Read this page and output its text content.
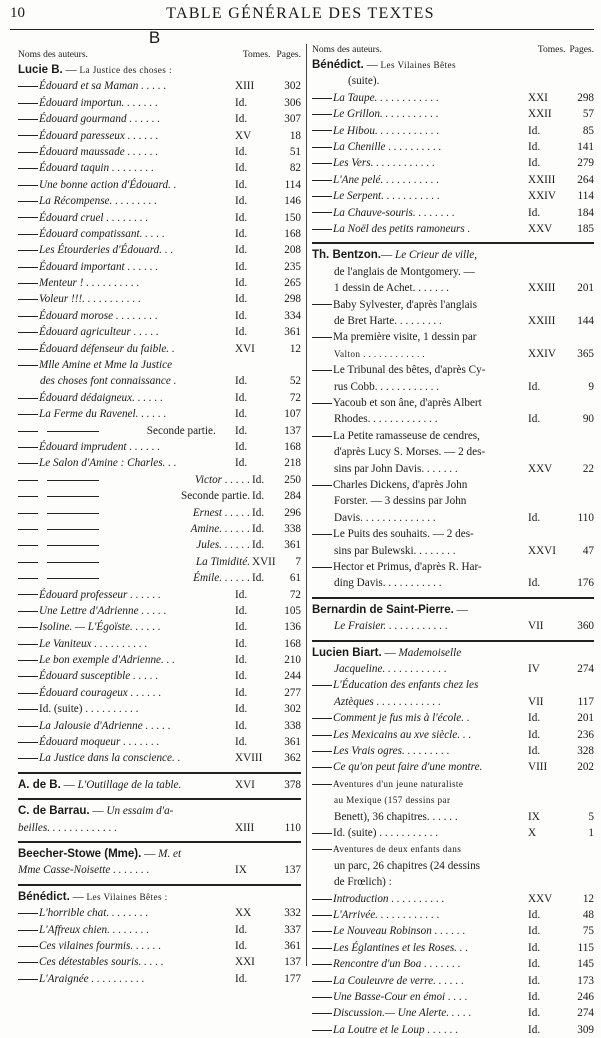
10	TABLE GÉNÉRALE DES TEXTES
Noms des auteurs.	Tomes. Pages.
B
Lucie B. — La Justice des choses :
Édouard et sa Maman . . . . .	XIII	302
Édouard importun. . . . . . .	Id.	306
Édouard gourmand . . . . . .	Id.	307
Édouard paresseux . . . . . .	XV	18
Édouard maussade . . . . . .	Id.	51
Édouard taquin . . . . . . . .	Id.	82
Une bonne action d'Édouard. .	Id.	114
La Récompense. . . . . . . . .	Id.	146
Édouard cruel . . . . . . . .	Id.	150
Édouard compatissant. . . . .	Id.	168
Les Étourderies d'Édouard. . .	Id.	208
Édouard important . . . . . .	Id.	235
Menteur ! . . . . . . . . . .	Id.	265
Voleur !!!. . . . . . . . . . .	Id.	298
Édouard morose . . . . . . . .	Id.	334
Édouard agriculteur . . . . .	Id.	361
Édouard défenseur du faible. .	XVI	12
Mlle Amine et Mme la Justice
des choses font connaissance .	Id.	52
Édouard dédaigneux. . . . . .	Id.	72
La Ferme du Ravenel. . . . . .	Id.	107
Seconde partie.	Id.	137
Édouard imprudent . . . . . .	Id.	168
Le Salon d'Amine : Charles. . .	Id.	218
Victor . . . . . Id.	250
Seconde partie. Id.	284
Ernest . . . . . Id.	296
Amine. . . . . . Id.	338
Jules. . . . . . Id.	361
La Timidité. XVII	7
Émile. . . . . . Id.	61
Édouard professeur . . . . . .	Id.	72
Une Lettre d'Adrienne . . . . .	Id.	105
Isoline. — L'Égoïste. . . . . .	Id.	136
Le Vaniteux . . . . . . . . . .	Id.	168
Le bon exemple d'Adrienne. . .	Id.	210
Édouard susceptible . . . . .	Id.	244
Édouard courageux . . . . . .	Id.	277
Id. (suite) . . . . . . . . . .	Id.	302
La Jalousie d'Adrienne . . . . .	Id.	338
Édouard moqueur . . . . . . .	Id.	361
La Justice dans la conscience. .	XVIII	362
A. de B. — L'Outillage de la table.	XVI	378
C. de Barrau. — Un essaim d'a-
beilles. . . . . . . . . . . . .	XIII	110
Beecher-Stowe (Mme). — M. et
Mme Casse-Noisette . . . . . . .	IX	137
Bénédict. — Les Vilaines Bêtes :
L'horrible chat. . . . . . . .	XX	332
L'Affreux chien. . . . . . . .	Id.	337
Ces vilaines fourmis. . . . . .	Id.	361
Ces détestables souris. . . . .	XXI	137
L'Araignée . . . . . . . . . .	Id.	177
Noms des auteurs.	Tomes. Pages.
Bénédict. — Les Vilaines Bêtes
(suite).
La Taupe. . . . . . . . . . . .	XXI	298
Le Grillon. . . . . . . . . . .	XXII	57
Le Hibou. . . . . . . . . . . .	Id.	85
La Chenille . . . . . . . . . .	Id.	141
Les Vers. . . . . . . . . . . .	Id.	279
L'Ane pelé. . . . . . . . . . .	XXIII	264
Le Serpent. . . . . . . . . . .	XXIV	114
La Chauve-souris. . . . . . . .	Id.	184
La Noël des petits ramoneurs .	XXV	185
Th. Bentzon.— Le Crieur de ville,
de l'anglais de Montgomery. —
1 dessin de Achet. . . . . . .	XXIII	201
Baby Sylvester, d'après l'anglais
de Bret Harte. . . . . . . . .	XXIII	144
Ma première visite, 1 dessin par
Valton . . . . . . . . . . . .	XXIV	365
Le Tribunal des bêtes, d'après Cy-
rus Cobb. . . . . . . . . . . .	Id.	9
Yacoub et son âne, d'après Albert
Rhodes. . . . . . . . . . . . .	Id.	90
La Petite ramasseuse de cendres,
d'après Lucy S. Morses. — 2 des-
sins par John Davis. . . . . . .	XXV	22
Charles Dickens, d'après John
Forster. — 3 dessins par John
Davis. . . . . . . . . . . . . .	Id.	110
Le Puits des souhaits. — 2 des-
sins par Bulewski. . . . . . . .	XXVI	47
Hector et Primus, d'après R. Har-
ding Davis. . . . . . . . . . .	Id.	176
Bernardin de Saint-Pierre. —
Le Fraisier. . . . . . . . . . . .	VII	360
Lucien Biart. — Mademoiselle
Jacqueline. . . . . . . . . . . .	IV	274
L'Éducation des enfants chez les
Aztèques . . . . . . . . . . . .	VII	117
Comment je fus mis à l'école. .	Id.	201
Les Mexicains au xve siècle. . .	Id.	236
Les Vrais ogres. . . . . . . . .	Id.	328
Ce qu'on peut faire d'une montre.	VIII	202
Aventures d'un jeune naturaliste
au Mexique (157 dessins par
Benett), 36 chapitres. . . . . .	IX	5
Id. (suite) . . . . . . . . . . .	X	1
Aventures de deux enfants dans
un parc, 26 chapitres (24 dessins
de Frœlich) :
Introduction . . . . . . . . . .	XXV	12
L'Arrivée. . . . . . . . . . . .	Id.	48
Le Nouveau Robinson . . . . . .	Id.	75
Les Églantines et les Roses. . .	Id.	115
Rencontre d'un Boa . . . . . . .	Id.	145
La Couleuvre de verre. . . . . .	Id.	173
Une Basse-Cour en émoi . . . .	Id.	246
Discussion.— Une Alerte. . . . .	Id.	274
La Loutre et le Loup . . . . . .	Id.	309
